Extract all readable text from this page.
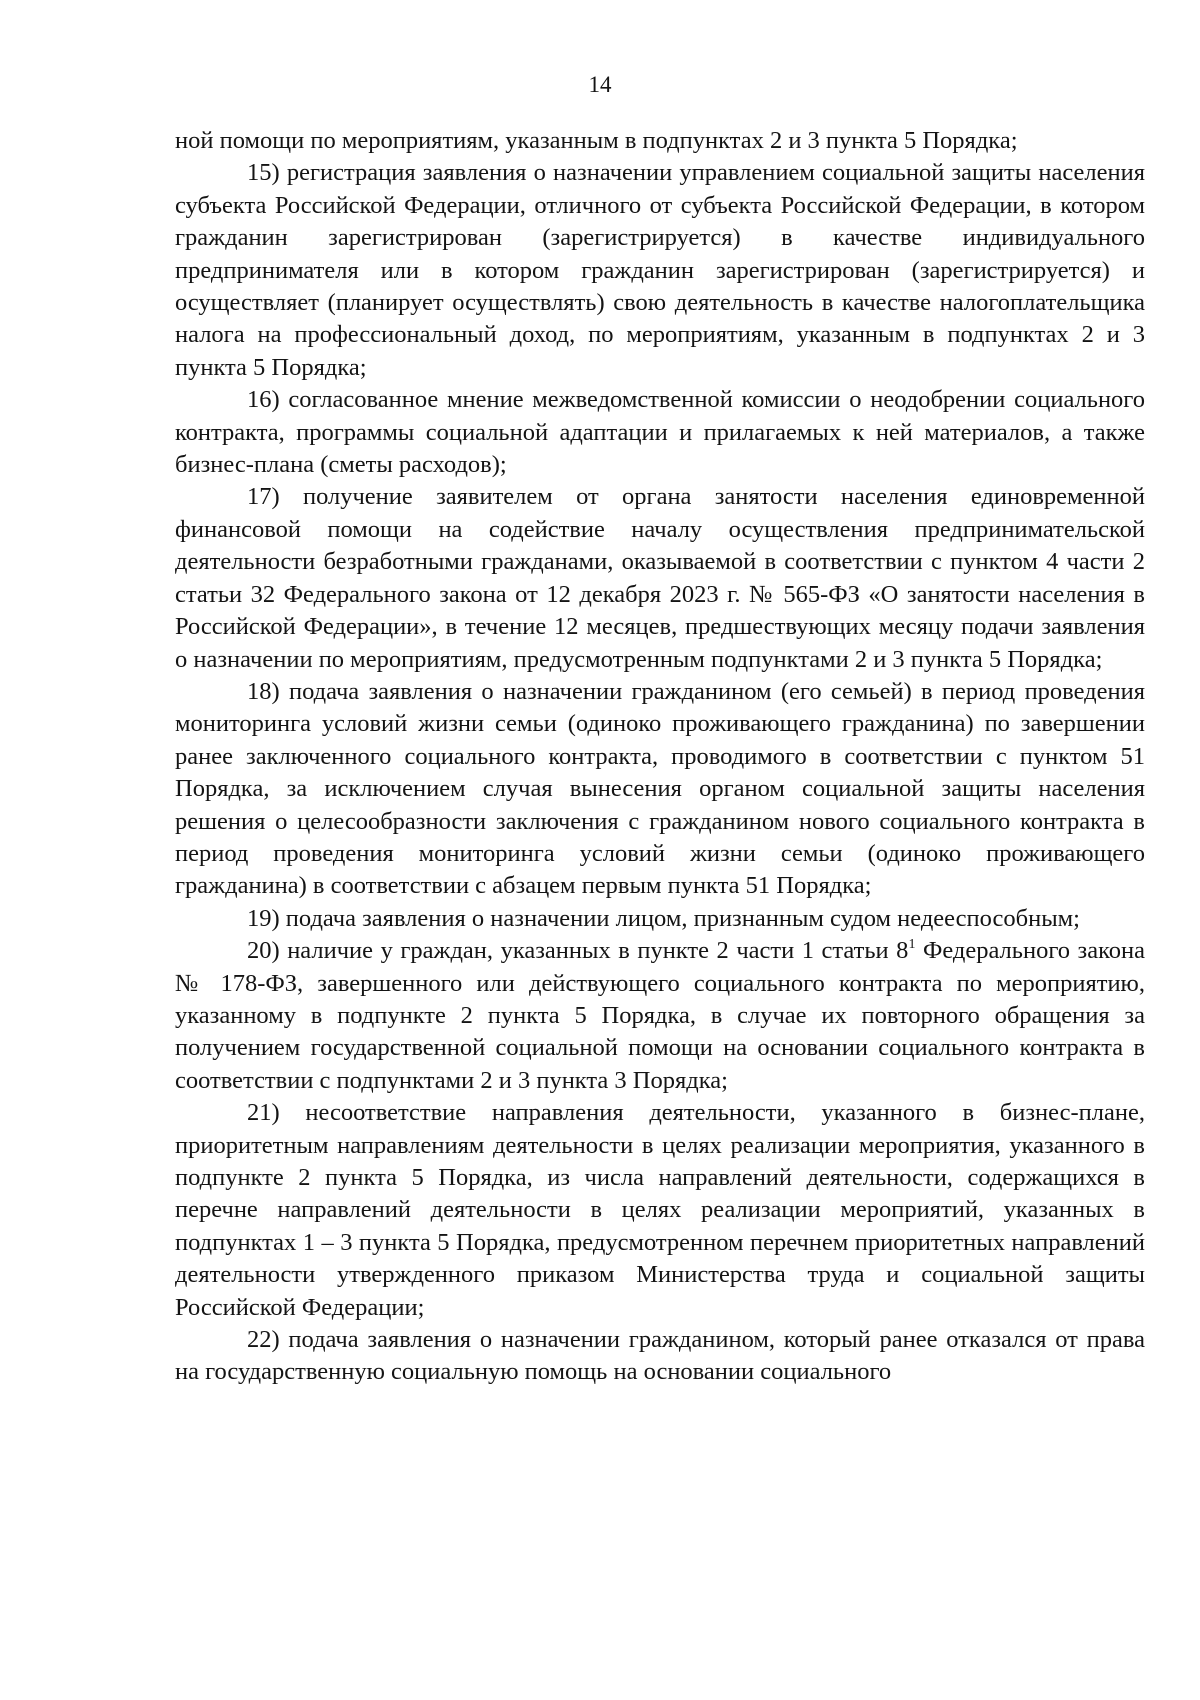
14

ной помощи по мероприятиям, указанным в подпунктах 2 и 3 пункта 5 Порядка;

15) регистрация заявления о назначении управлением социальной защиты населения субъекта Российской Федерации, отличного от субъекта Российской Федерации, в котором гражданин зарегистрирован (зарегистрируется) в качестве индивидуального предпринимателя или в котором гражданин зарегистрирован (зарегистрируется) и осуществляет (планирует осуществлять) свою деятельность в качестве налогоплательщика налога на профессиональный доход, по мероприятиям, указанным в подпунктах 2 и 3 пункта 5 Порядка;

16) согласованное мнение межведомственной комиссии о неодобрении социального контракта, программы социальной адаптации и прилагаемых к ней материалов, а также бизнес-плана (сметы расходов);

17) получение заявителем от органа занятости населения единовременной финансовой помощи на содействие началу осуществления предпринимательской деятельности безработными гражданами, оказываемой в соответствии с пунктом 4 части 2 статьи 32 Федерального закона от 12 декабря 2023 г. № 565-ФЗ «О занятости населения в Российской Федерации», в течение 12 месяцев, предшествующих месяцу подачи заявления о назначении по мероприятиям, предусмотренным подпунктами 2 и 3 пункта 5 Порядка;

18) подача заявления о назначении гражданином (его семьей) в период проведения мониторинга условий жизни семьи (одиноко проживающего гражданина) по завершении ранее заключенного социального контракта, проводимого в соответствии с пунктом 51 Порядка, за исключением случая вынесения органом социальной защиты населения решения о целесообразности заключения с гражданином нового социального контракта в период проведения мониторинга условий жизни семьи (одиноко проживающего гражданина) в соответствии с абзацем первым пункта 51 Порядка;

19) подача заявления о назначении лицом, признанным судом недееспособным;

20) наличие у граждан, указанных в пункте 2 части 1 статьи $8^1$ Федерального закона № 178-ФЗ, завершенного или действующего социального контракта по мероприятию, указанному в подпункте 2 пункта 5 Порядка, в случае их повторного обращения за получением государственной социальной помощи на основании социального контракта в соответствии с подпунктами 2 и 3 пункта 3 Порядка;

21) несоответствие направления деятельности, указанного в бизнес-плане, приоритетным направлениям деятельности в целях реализации мероприятия, указанного в подпункте 2 пункта 5 Порядка, из числа направлений деятельности, содержащихся в перечне направлений деятельности в целях реализации мероприятий, указанных в подпунктах 1 – 3 пункта 5 Порядка, предусмотренном перечнем приоритетных направлений деятельности утвержденного приказом Министерства труда и социальной защиты Российской Федерации;

22) подача заявления о назначении гражданином, который ранее отказался от права на государственную социальную помощь на основании социального
